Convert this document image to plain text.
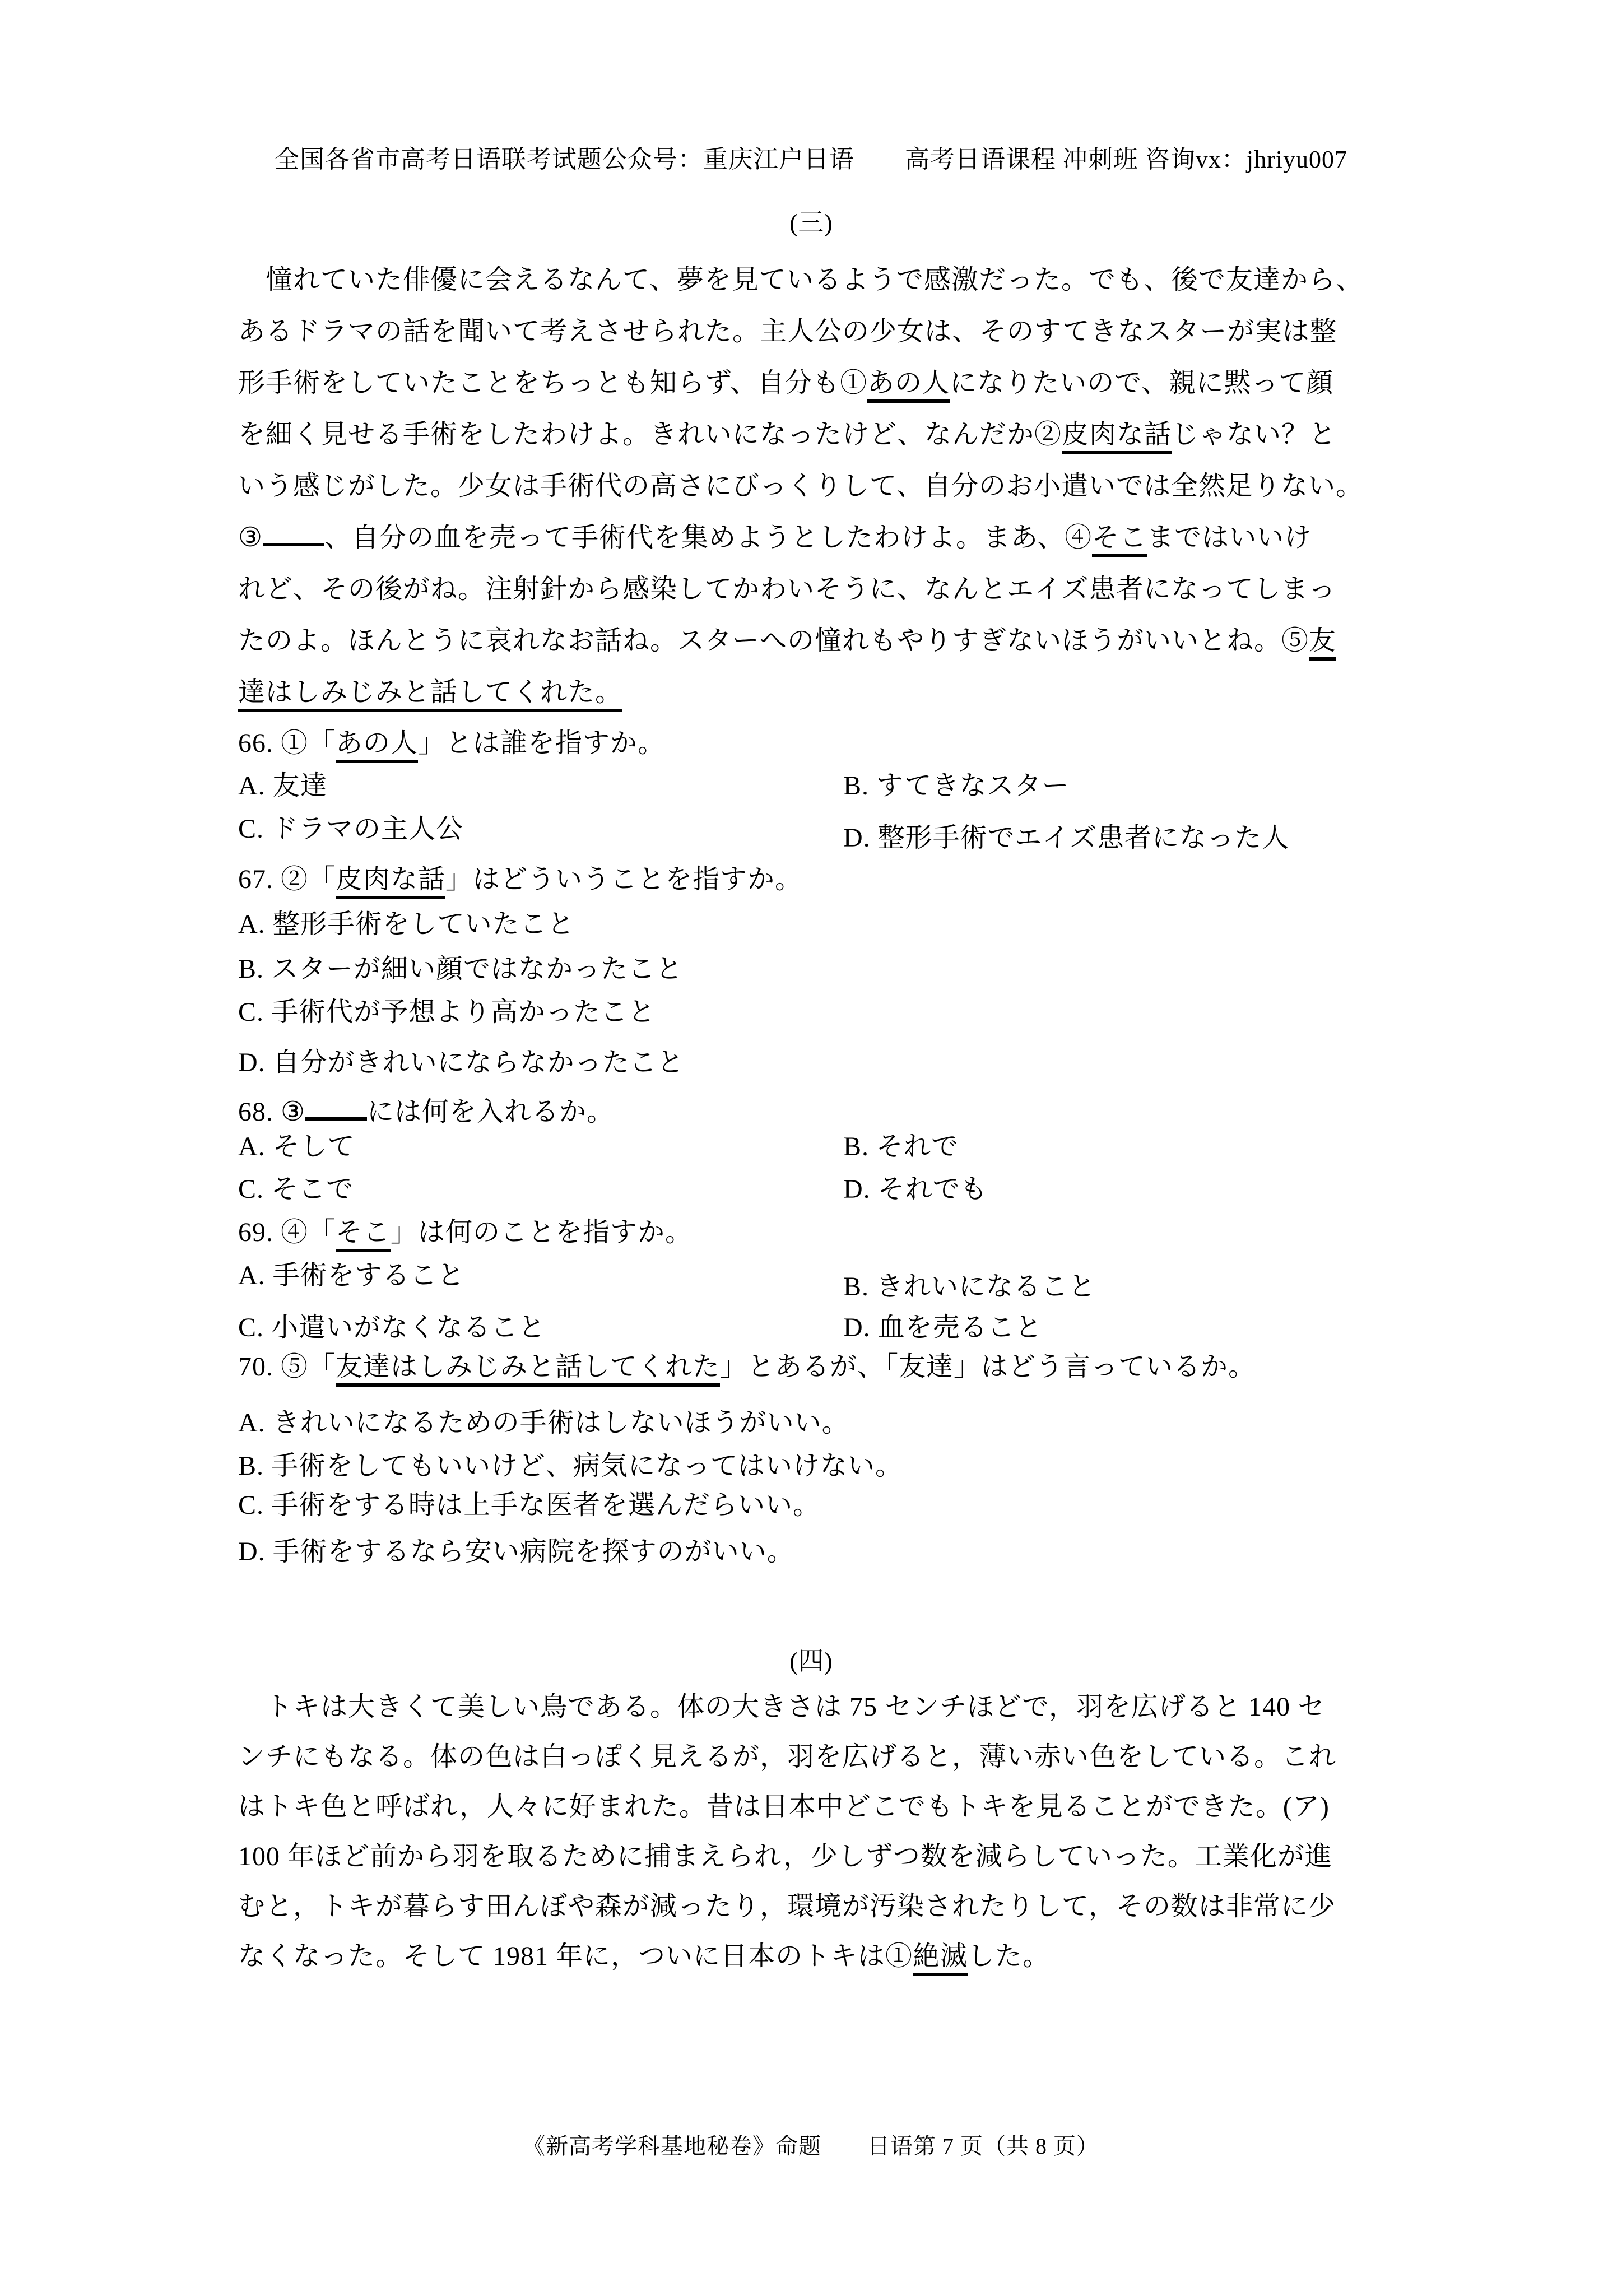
全国各省市高考日语联考试题公众号：重庆江户日语　　高考日语课程 冲刺班 咨询vx：jhriyu007
(三)
　憧れていた俳優に会えるなんて、夢を見ているようで感激だった。でも、後で友達から、
あるドラマの話を聞いて考えさせられた。主人公の少女は、そのすてきなスターが実は整
形手術をしていたことをちっとも知らず、自分も①あの人になりたいので、親に黙って顔
を細く見せる手術をしたわけよ。きれいになったけど、なんだか②皮肉な話じゃない？と
いう感じがした。少女は手術代の高さにびっくりして、自分のお小遣いでは全然足りない。
③ 、自分の血を売って手術代を集めようとしたわけよ。まあ、④そこまではいいけ
れど、その後がね。注射針から感染してかわいそうに、なんとエイズ患者になってしまっ
たのよ。ほんとうに哀れなお話ね。スターへの憧れもやりすぎないほうがいいとね。⑤友
達はしみじみと話してくれた。
66. ①「あの人」とは誰を指すか。
A. 友達	B. すてきなスター
C. ドラマの主人公	D. 整形手術でエイズ患者になった人
67. ②「皮肉な話」はどういうことを指すか。
A. 整形手術をしていたこと
B. スターが細い顔ではなかったこと
C. 手術代が予想より高かったこと
D. 自分がきれいにならなかったこと
68. ③ には何を入れるか。
A. そして	B. それで
C. そこで	D. それでも
69. ④「そこ」は何のことを指すか。
A. 手術をすること	B. きれいになること
C. 小遣いがなくなること	D. 血を売ること
70. ⑤「友達はしみじみと話してくれた」とあるが、「友達」はどう言っているか。
A. きれいになるための手術はしないほうがいい。
B. 手術をしてもいいけど、病気になってはいけない。
C. 手術をする時は上手な医者を選んだらいい。
D. 手術をするなら安い病院を探すのがいい。
(四)
　トキは大きくて美しい鳥である。体の大きさは 75 センチほどで，羽を広げると 140 セ
ンチにもなる。体の色は白っぽく見えるが，羽を広げると，薄い赤い色をしている。これ
はトキ色と呼ばれ，人々に好まれた。昔は日本中どこでもトキを見ることができた。(ア)
100 年ほど前から羽を取るために捕まえられ，少しずつ数を減らしていった。工業化が進
むと，トキが暮らす田んぼや森が減ったり，環境が汚染されたりして，その数は非常に少
なくなった。そして 1981 年に，ついに日本のトキは①絶滅した。
《新高考学科基地秘卷》命题　　日语第 7 页（共 8 页）
